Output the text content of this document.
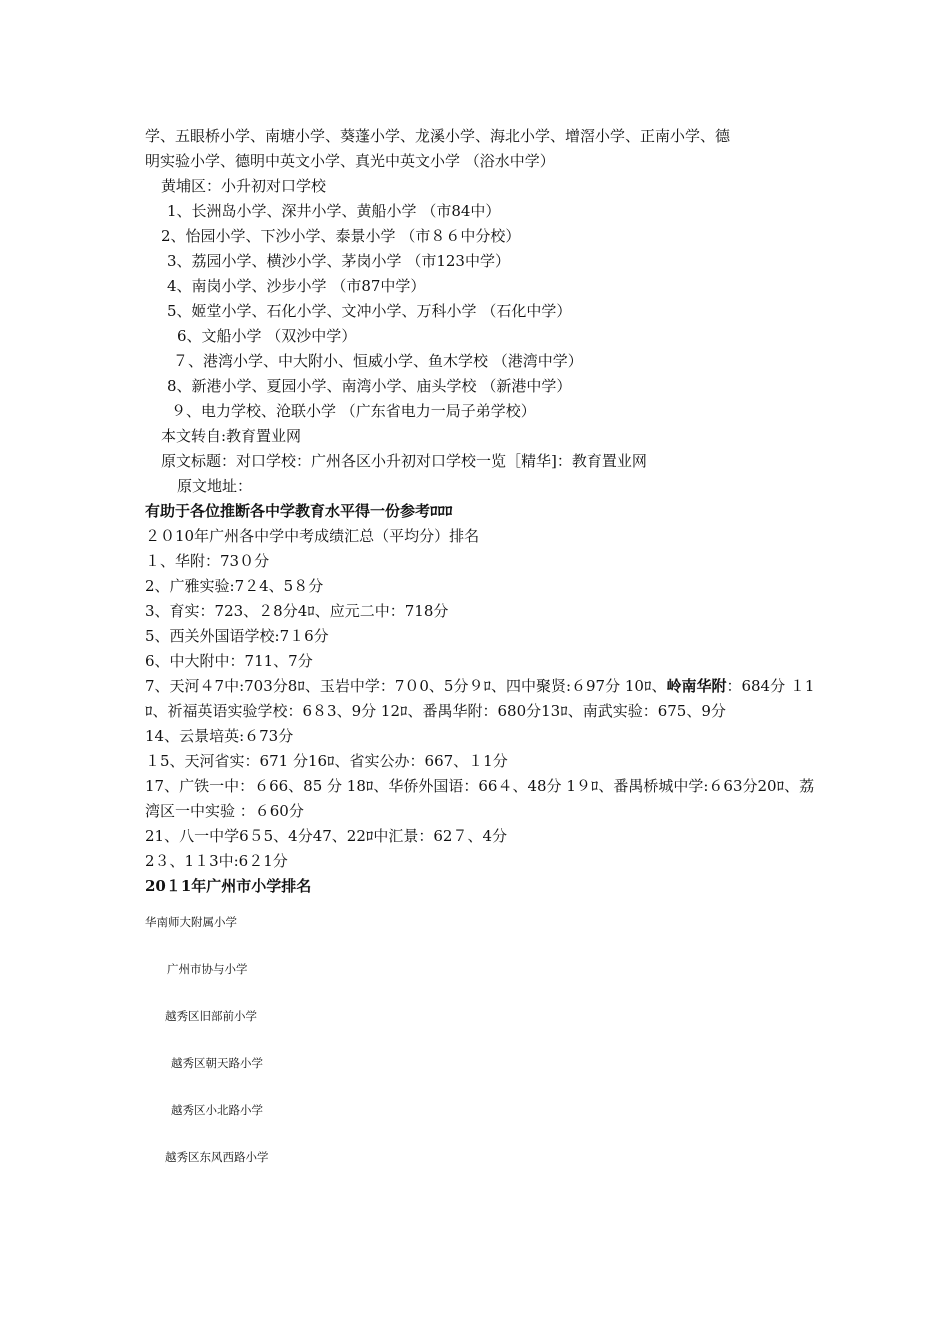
学、五眼桥小学、南塘小学、葵蓬小学、龙溪小学、海北小学、增滘小学、正南小学、德
明实验小学、德明中英文小学、真光中英文小学 （浴水中学）
黄埔区：小升初对口学校
1、长洲岛小学、深井小学、黄船小学 （市84中）
2、怡园小学、下沙小学、泰景小学 （市８６中分校）
3、荔园小学、横沙小学、茅岗小学 （市123中学）
4、南岗小学、沙步小学 （市87中学）
5、姬堂小学、石化小学、文冲小学、万科小学 （石化中学）
6、文船小学 （双沙中学）
７、港湾小学、中大附小、恒威小学、鱼木学校 （港湾中学）
8、新港小学、夏园小学、南湾小学、庙头学校 （新港中学）
９、电力学校、沧联小学 （广东省电力一局子弟学校）
本文转自:教育置业网
原文标题：对口学校：广州各区小升初对口学校一览［精华]：教育置业网
原文地址：
有助于各位推断各中学教育水平得一份参考ﾛﾛﾛ
２０10年广州各中学中考成绩汇总（平均分）排名
１、华附：73０分
2、广雅实验:7２4、5８分
3、育实：723、２8分4ﾛ、应元二中：718分
5、西关外国语学校:7１6分
6、中大附中：711、7分
7、天河４7中:703分8ﾛ、玉岩中学：7０0、5分９ﾛ、四中聚贤:６97分 10ﾛ、岭南华附：684分 １1ﾛ、祈福英语实验学校：6８3、9分 12ﾛ、番禺华附：680分13ﾛ、南武实验：675、9分
14、云景培英:６73分
１5、天河省实：671 分16ﾛ、省实公办：667、１1分
17、广铁一中：６66、85 分 18ﾛ、华侨外国语：66４、48分 1９ﾛ、番禺桥城中学:６63分20ﾛ、荔湾区一中实验 ：６60分
21、八一中学6５5、4分47、22ﾛ中汇景：62７、4分
2３、1１3中:6２1分
20１1年广州市小学排名
华南师大附属小学
广州市协与小学
越秀区旧部前小学
越秀区朝天路小学
越秀区小北路小学
越秀区东风西路小学
